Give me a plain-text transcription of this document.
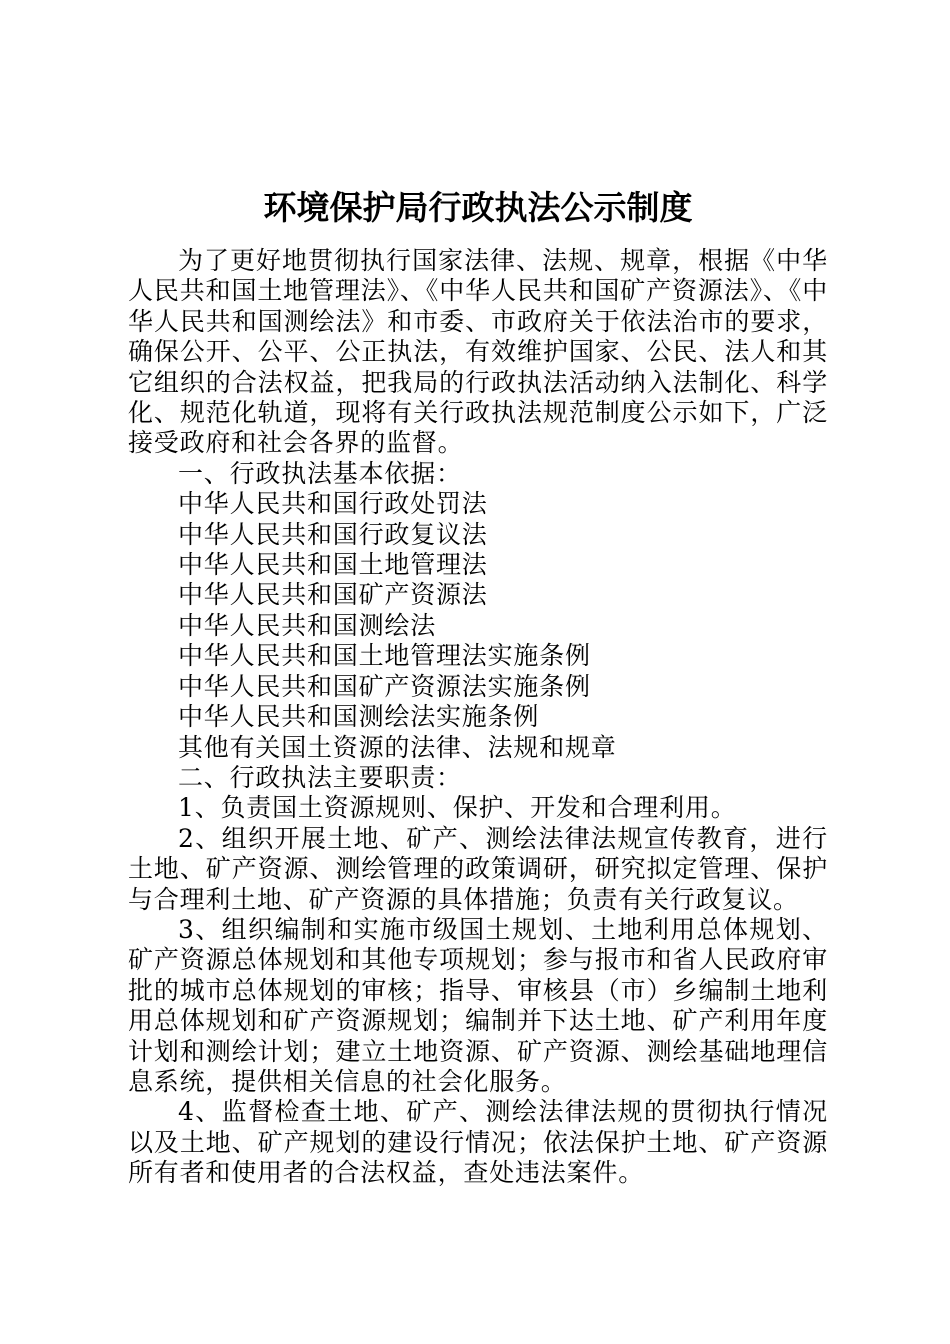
环境保护局行政执法公示制度

为了更好地贯彻执行国家法律、法规、规章，根据《中华人民共和国土地管理法》、《中华人民共和国矿产资源法》、《中华人民共和国测绘法》和市委、市政府关于依法治市的要求，确保公开、公平、公正执法，有效维护国家、公民、法人和其它组织的合法权益，把我局的行政执法活动纳入法制化、科学化、规范化轨道，现将有关行政执法规范制度公示如下，广泛接受政府和社会各界的监督。

一、行政执法基本依据：

中华人民共和国行政处罚法

中华人民共和国行政复议法

中华人民共和国土地管理法

中华人民共和国矿产资源法

中华人民共和国测绘法

中华人民共和国土地管理法实施条例

中华人民共和国矿产资源法实施条例

中华人民共和国测绘法实施条例

其他有关国土资源的法律、法规和规章

二、行政执法主要职责：

1、负责国土资源规则、保护、开发和合理利用。

2、组织开展土地、矿产、测绘法律法规宣传教育，进行土地、矿产资源、测绘管理的政策调研，研究拟定管理、保护与合理利土地、矿产资源的具体措施；负责有关行政复议。

3、组织编制和实施市级国土规划、土地利用总体规划、矿产资源总体规划和其他专项规划；参与报市和省人民政府审批的城市总体规划的审核；指导、审核县（市）乡编制土地利用总体规划和矿产资源规划；编制并下达土地、矿产利用年度计划和测绘计划；建立土地资源、矿产资源、测绘基础地理信息系统，提供相关信息的社会化服务。

4、监督检查土地、矿产、测绘法律法规的贯彻执行情况以及土地、矿产规划的建设行情况；依法保护土地、矿产资源所有者和使用者的合法权益，查处违法案件。
